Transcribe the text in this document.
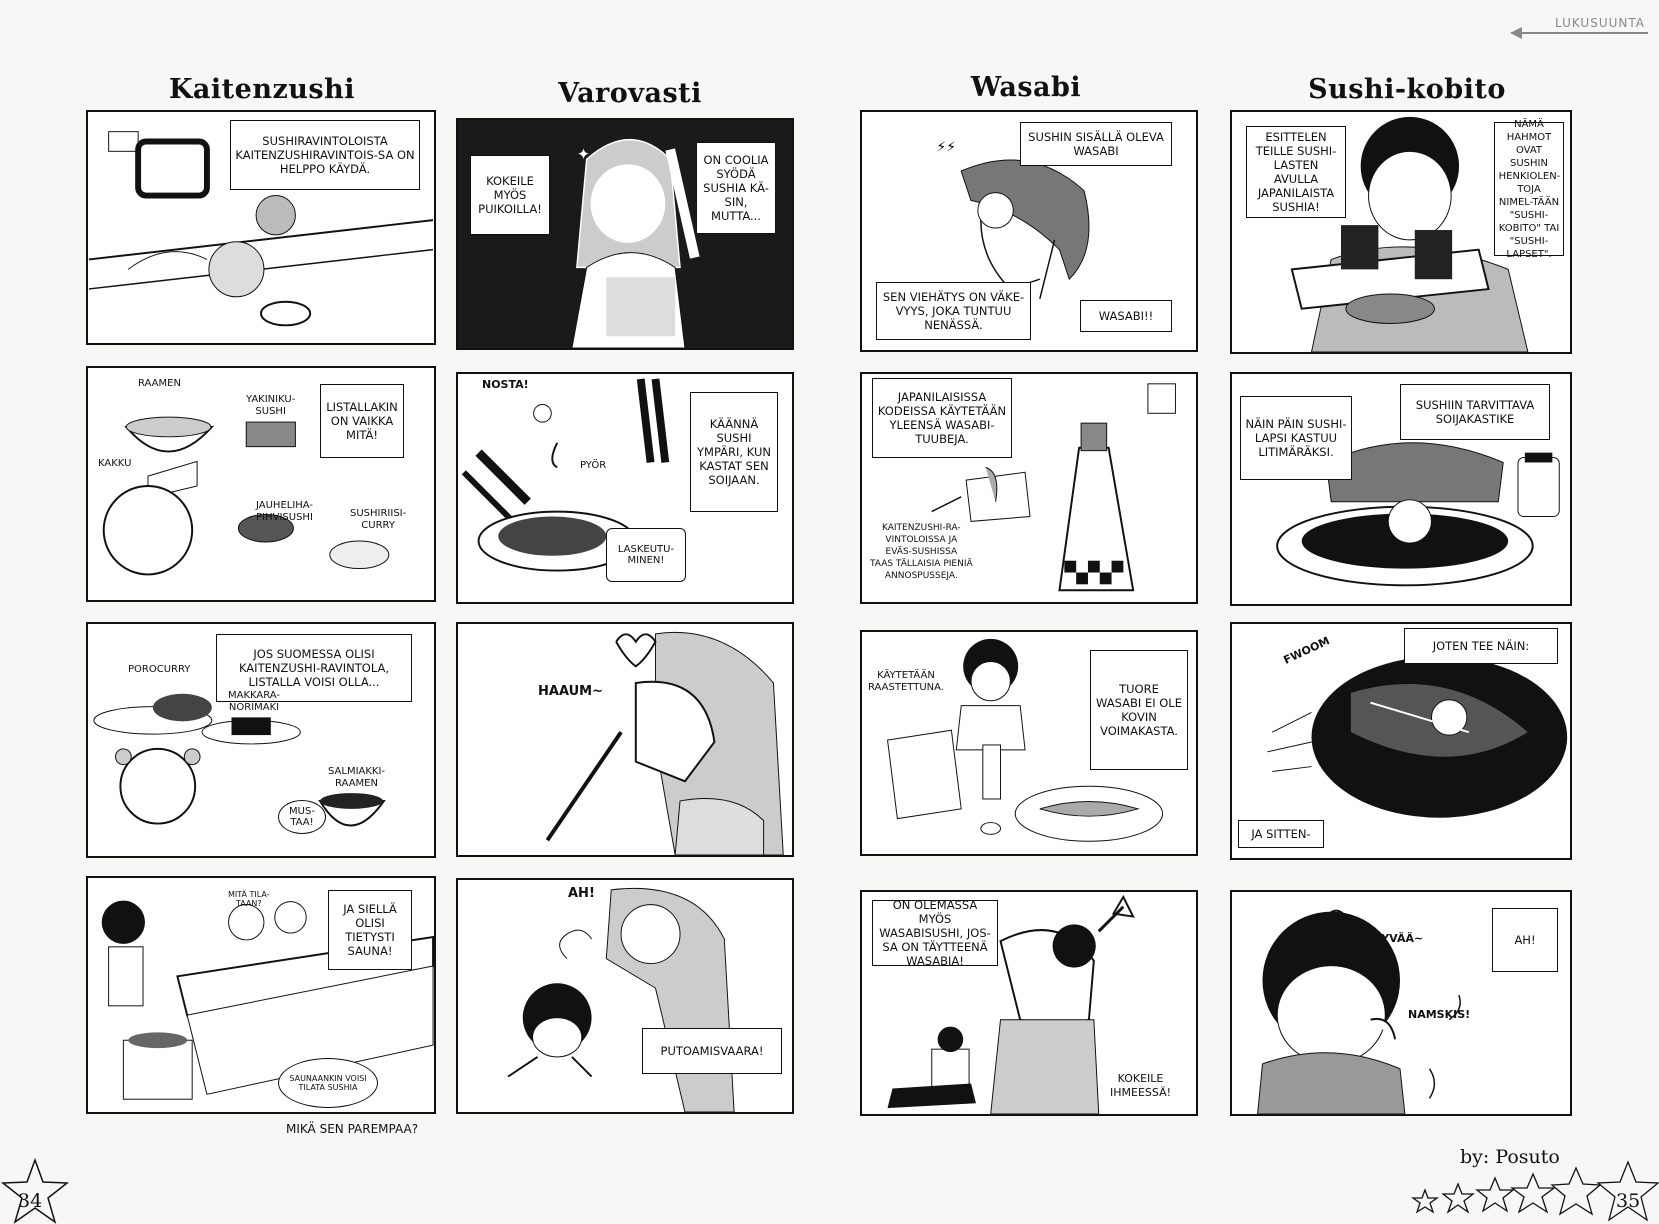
LUKUSUUNTA
Kaitenzushi	Varovasti	Wasabi	Sushi-kobito
SUSHIRAVINTOLOISTA KAITENZUSHIRAVINTOIS-SA ON HELPPO KÄYDÄ.
RAAMEN
YAKINIKU-
SUSHI
KAKKU
JAUHELIHA-
PIHVISUSHI	SUSHIRIISI-
CURRY
LISTALLAKIN ON VAIKKA MITÄ!
JOS SUOMESSA OLISI KAITENZUSHI-RAVINTOLA, LISTALLA VOISI OLLA...
POROCURRY
MAKKARA-
NORIMAKI
SALMIAKKI-
RAAMEN
MUS-
TAA!
JA SIELLÄ OLISI TIETYSTI SAUNA!
MITÄ TILA-
TAAN?
SAUNAANKIN VOISI TILATA SUSHIA
MIKÄ SEN PAREMPAA?
✦
KOKEILE MYÖS PUIKOILLA!
ON COOLIA SYÖDÄ SUSHIA KÄ-SIN, MUTTA...
NOSTA!
KÄÄNNÄ SUSHI YMPÄRI, KUN KASTAT SEN SOIJAAN.
PYÖR
LASKEUTU-
MINEN!
HAAUM~
AH!
PUTOAMISVAARA!
⚡⚡
SUSHIN SISÄLLÄ OLEVA WASABI
SEN VIEHÄTYS ON VÄKE-VYYS, JOKA TUNTUU NENÄSSÄ.
WASABI!!
JAPANILAISISSA KODEISSA KÄYTETÄÄN YLEENSÄ WASABI-TUUBEJA.
KAITENZUSHI-RA-
VINTOLOISSA JA
EVÄS-SUSHISSA
TAAS TÄLLAISIA PIENIÄ
ANNOSPUSSEJA.
KÄYTETÄÄN
RAASTETTUNA.	TUORE WASABI EI OLE KOVIN VOIMAKASTA.
ON OLEMASSA MYÖS WASABISUSHI, JOS-SA ON TÄYTTEENÄ WASABIA!
KOKEILE
IHMEESSÄ!
ESITTELEN TEILLE SUSHI-LASTEN AVULLA JAPANILAISTA SUSHIA!
NÄMÄ HAHMOT OVAT SUSHIN HENKIOLEN-TOJA NIMEL-TÄÄN "SUSHI-KOBITO" TAI "SUSHI-LAPSET".
NÄIN PÄIN SUSHI-LAPSI KASTUU LITIMÄRÄKSI.
SUSHIIN TARVITTAVA SOIJAKASTIKE
FWOOM	JOTEN TEE NÄIN:
JA SITTEN-
HYVÄÄ~	AH!
NAMSKIS!
by: Posuto
34	35
